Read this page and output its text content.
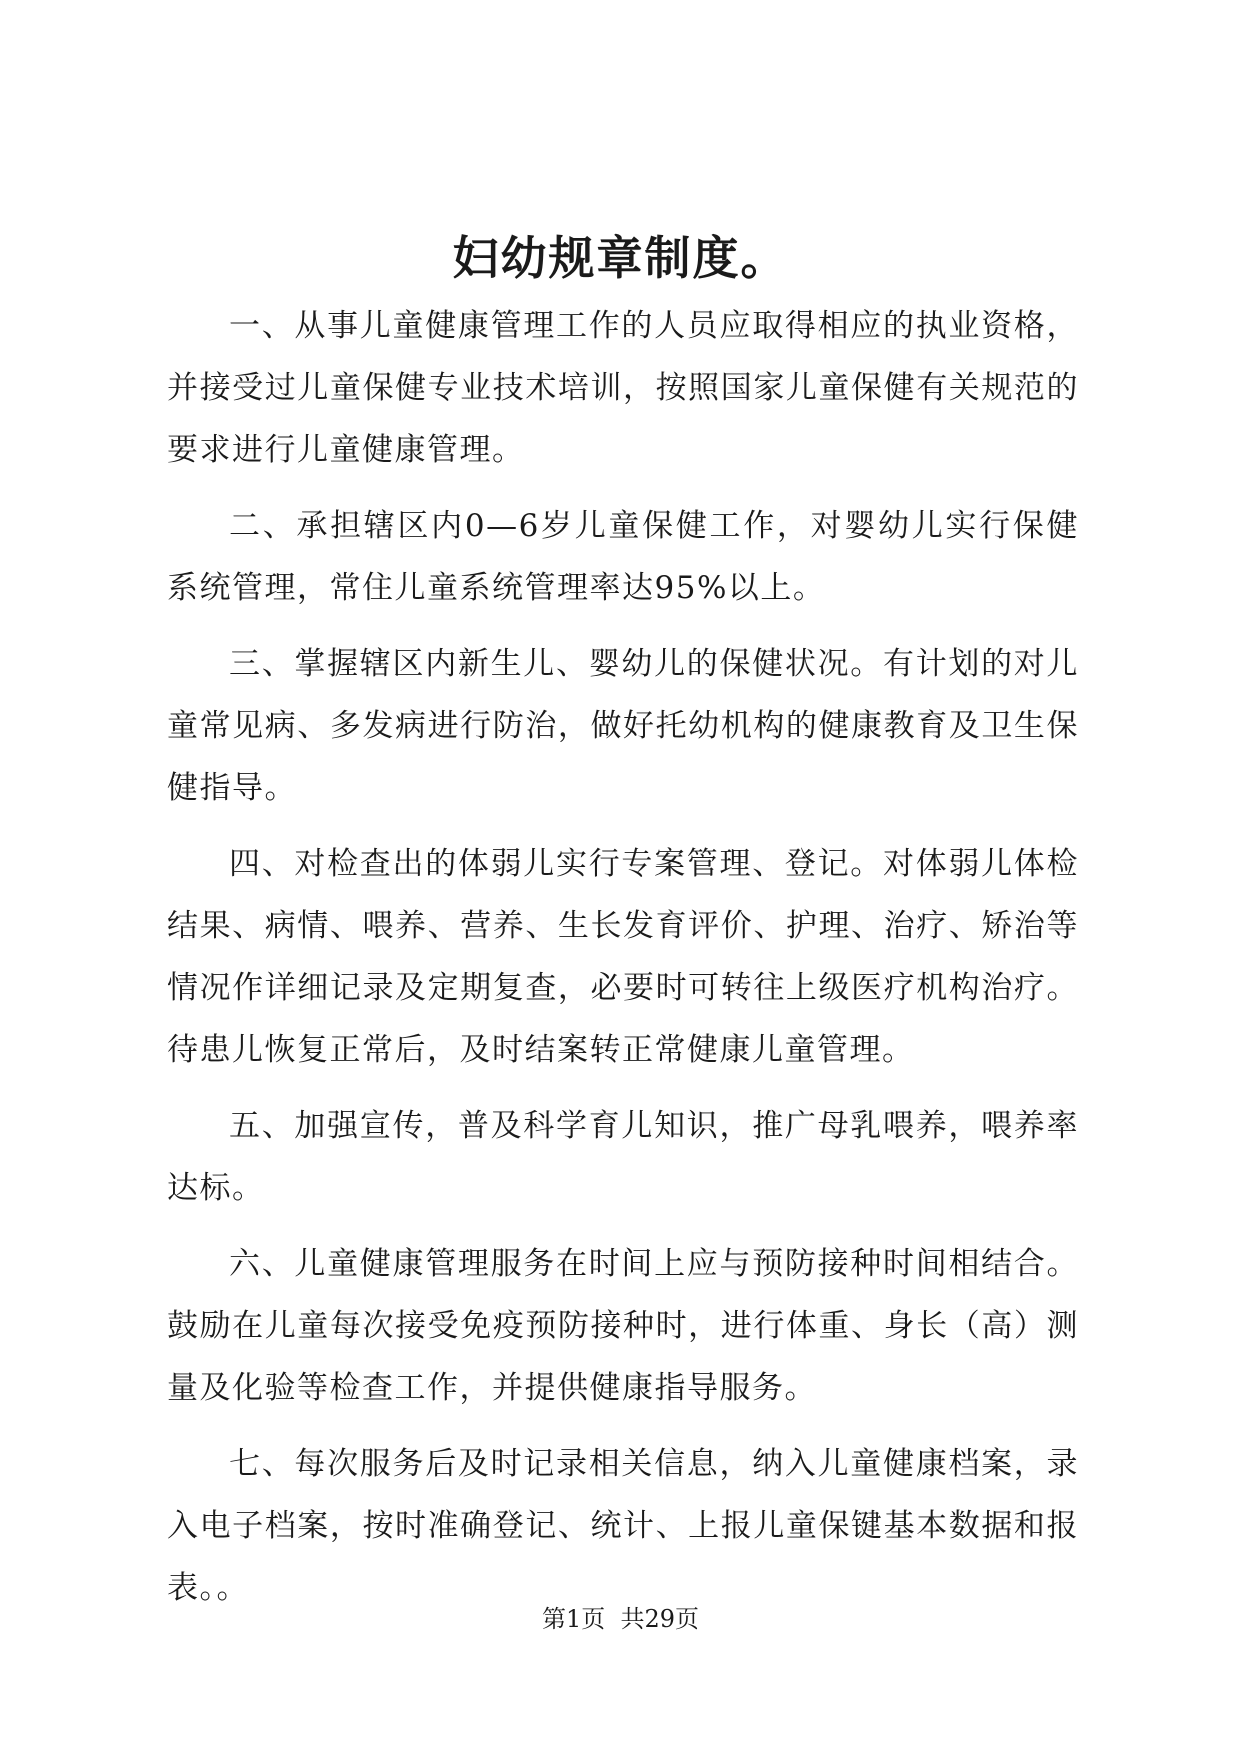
妇幼规章制度。

一、从事儿童健康管理工作的人员应取得相应的执业资格，并接受过儿童保健专业技术培训，按照国家儿童保健有关规范的要求进行儿童健康管理。

二、承担辖区内0—6岁儿童保健工作，对婴幼儿实行保健系统管理，常住儿童系统管理率达95%以上。

三、掌握辖区内新生儿、婴幼儿的保健状况。有计划的对儿童常见病、多发病进行防治，做好托幼机构的健康教育及卫生保健指导。

四、对检查出的体弱儿实行专案管理、登记。对体弱儿体检结果、病情、喂养、营养、生长发育评价、护理、治疗、矫治等情况作详细记录及定期复查，必要时可转往上级医疗机构治疗。待患儿恢复正常后，及时结案转正常健康儿童管理。

五、加强宣传，普及科学育儿知识，推广母乳喂养，喂养率达标。

六、儿童健康管理服务在时间上应与预防接种时间相结合。鼓励在儿童每次接受免疫预防接种时，进行体重、身长（高）测量及化验等检查工作，并提供健康指导服务。

七、每次服务后及时记录相关信息，纳入儿童健康档案，录入电子档案，按时准确登记、统计、上报儿童保键基本数据和报表。。

第1页  共29页
